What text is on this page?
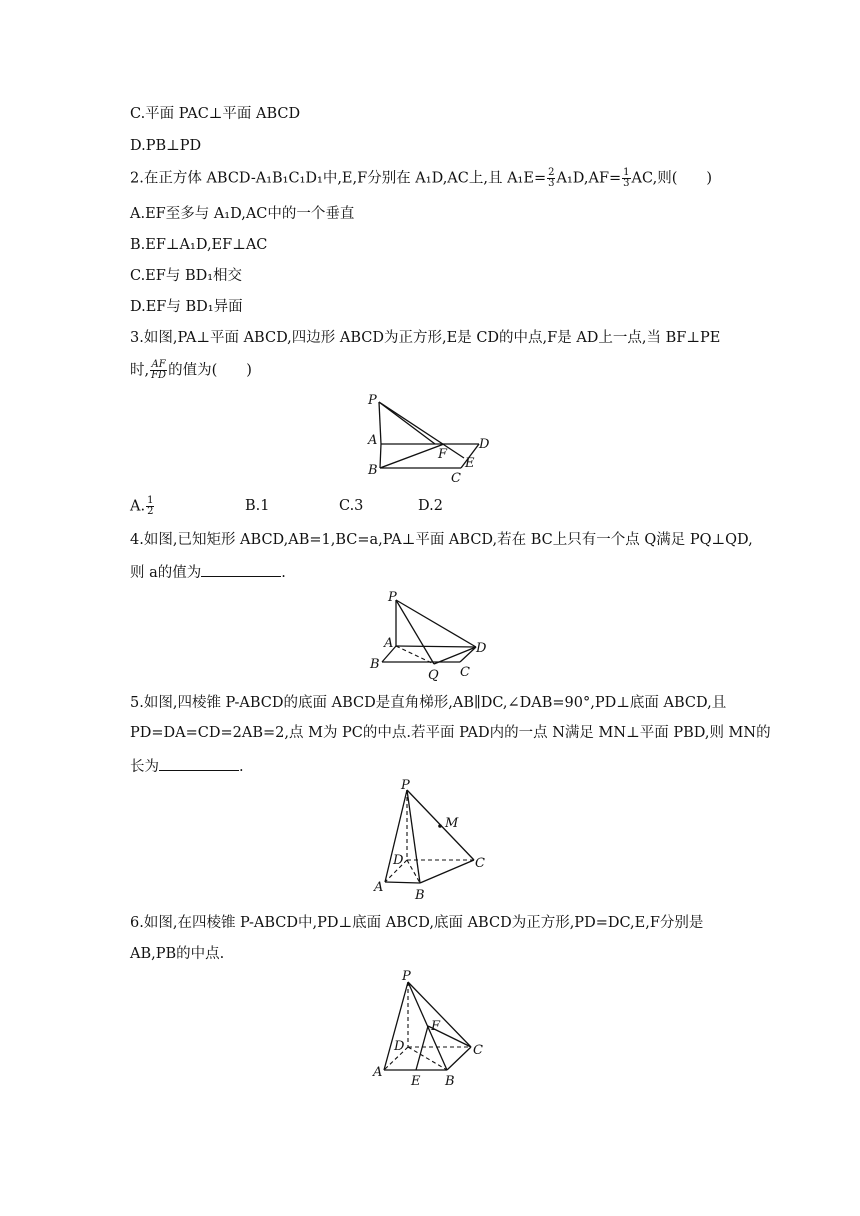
C.平面 PAC⊥平面 ABCD
D.PB⊥PD
2.在正方体 ABCD-A₁B₁C₁D₁中,E,F分别在 A₁D,AC上,且 $A_1E= \frac{2}{3} A_1D,AF= \frac{1}{3}$ AC,则(　　)
A.EF至多与 A₁D,AC中的一个垂直
B.EF⊥A₁D,EF⊥AC
C.EF与 BD₁相交
D.EF与 BD₁异面
3.如图,PA⊥平面 ABCD,四边形 ABCD为正方形,E是 CD的中点,F是 AD上一点,当 BF⊥PE
时, $\frac{AF}{FD}$ 的值为(　　)
P
A
B
F
D
E
C
A. $\frac{1}{2}$	B.1	C.3	D.2
4.如图,已知矩形 ABCD,AB=1,BC=a,PA⊥平面 ABCD,若在 BC上只有一个点 Q满足 PQ⊥QD,
则 a的值为	.
P
A
B
Q
D
C
5.如图,四棱锥 P-ABCD的底面 ABCD是直角梯形,AB∥DC,∠DAB=90°,PD⊥底面 ABCD,且
PD=DA=CD=2AB=2,点 M为 PC的中点.若平面 PAD内的一点 N满足 MN⊥平面 PBD,则 MN的
长为	.
P
M
D	C
A
B
6.如图,在四棱锥 P-ABCD中,PD⊥底面 ABCD,底面 ABCD为正方形,PD=DC,E,F分别是
AB,PB的中点.
P
F
D	C
A
E B
